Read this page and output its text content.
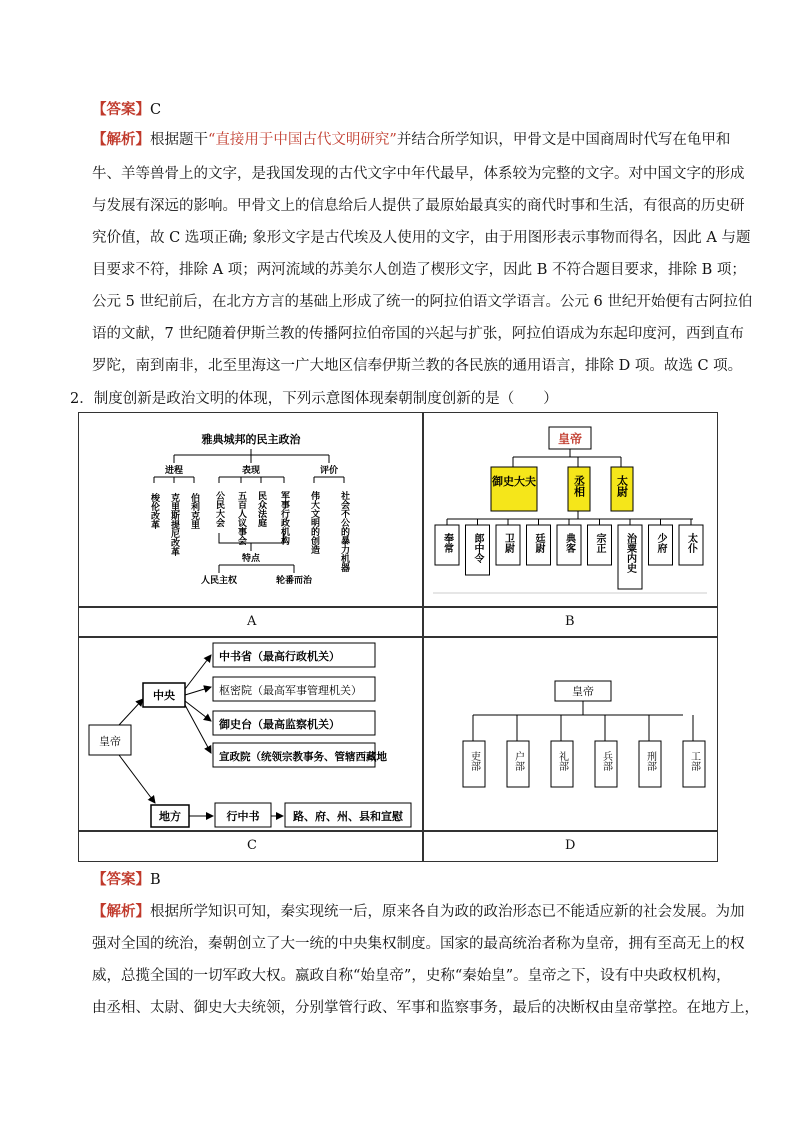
【答案】C
【解析】根据题干“直接用于中国古代文明研究”并结合所学知识，甲骨文是中国商周时代写在龟甲和
牛、羊等兽骨上的文字，是我国发现的古代文字中年代最早，体系较为完整的文字。对中国文字的形成
与发展有深远的影响。甲骨文上的信息给后人提供了最原始最真实的商代时事和生活，有很高的历史研
究价值，故 C 选项正确; 象形文字是古代埃及人使用的文字，由于用图形表示事物而得名，因此 A 与题
目要求不符，排除 A 项；两河流域的苏美尔人创造了楔形文字，因此 B 不符合题目要求，排除 B 项；
公元 5 世纪前后，在北方方言的基础上形成了统一的阿拉伯语文学语言。公元 6 世纪开始便有古阿拉伯
语的文献，7 世纪随着伊斯兰教的传播阿拉伯帝国的兴起与扩张，阿拉伯语成为东起印度河，西到直布
罗陀，南到南非，北至里海这一广大地区信奉伊斯兰教的各民族的通用语言，排除 D 项。故选 C 项。
2．制度创新是政治文明的体现，下列示意图体现秦朝制度创新的是（　　）
雅典城邦的民主政治
进程	表现	评价
梭伦改革 克里斯提尼改革 伯利克里 公民大会 五百人议事会 民众法庭 军事行政机构 伟大文明的创造 社会不公的暴力机器
特点
人民主权	轮番而治
皇帝
御史大夫	丞相	太尉
奉常 郎中令 卫尉 廷尉 典客 宗正 治粟内史 少府 太仆
A	B
皇帝
中央
地方
中书省（最高行政机关）
枢密院（最高军事管理机关）
御史台（最高监察机关）
宣政院（统领宗教事务、管辖西藏地
行中书	路、府、州、县和宣慰
皇帝
吏部	户部	礼部	兵部	刑部	工部
C	D
【答案】B
【解析】根据所学知识可知，秦实现统一后，原来各自为政的政治形态已不能适应新的社会发展。为加
强对全国的统治，秦朝创立了大一统的中央集权制度。国家的最高统治者称为皇帝，拥有至高无上的权
威，总揽全国的一切军政大权。嬴政自称“始皇帝”，史称“秦始皇”。皇帝之下，设有中央政权机构，
由丞相、太尉、御史大夫统领，分别掌管行政、军事和监察事务，最后的决断权由皇帝掌控。在地方上，
